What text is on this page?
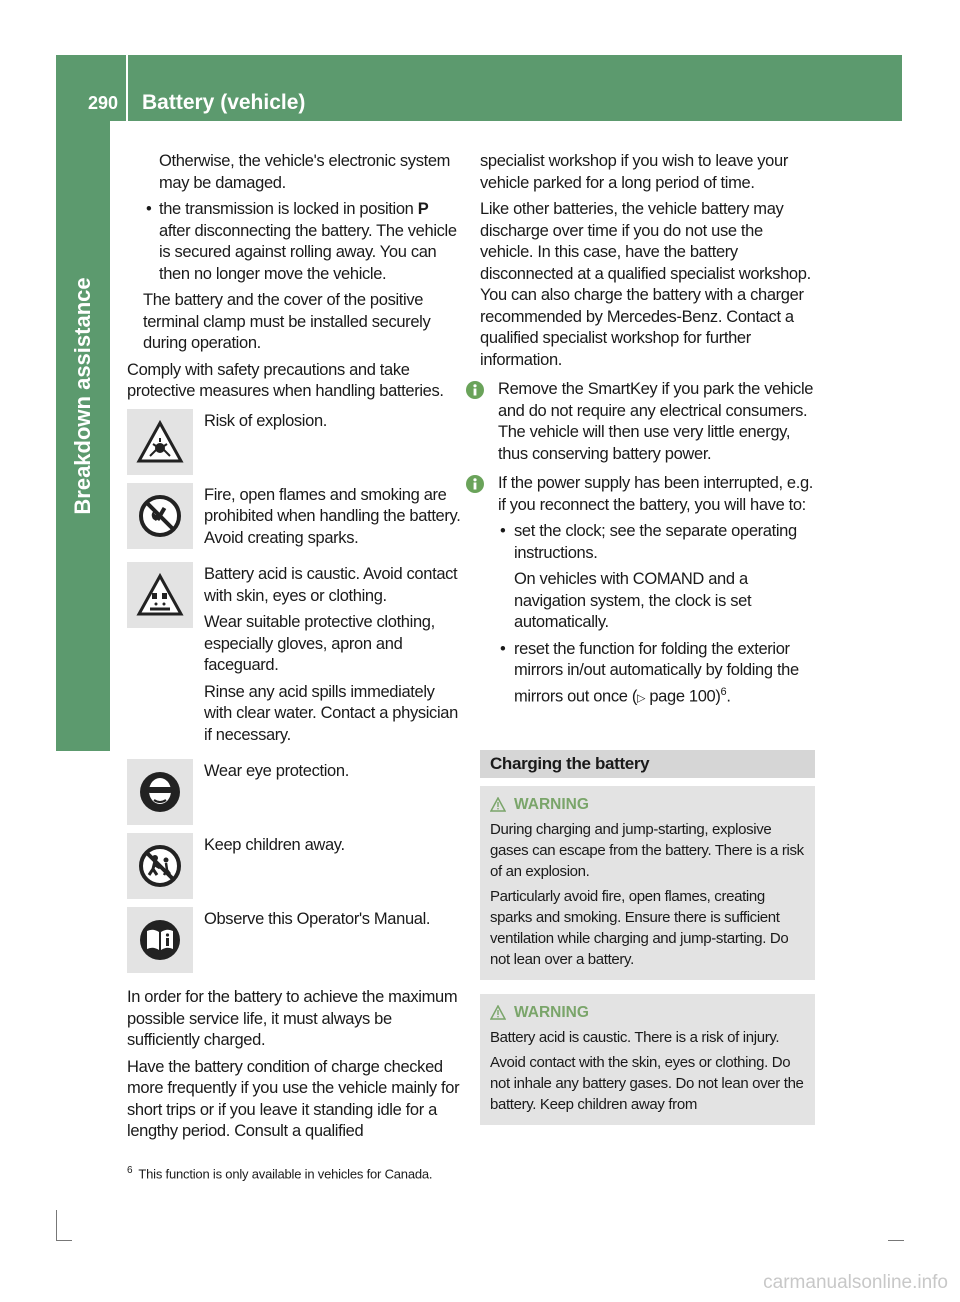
290 Battery (vehicle)
Breakdown assistance

Otherwise, the vehicle's electronic system may be damaged.

• the transmission is locked in position P after disconnecting the battery. The vehicle is secured against rolling away. You can then no longer move the vehicle.

The battery and the cover of the positive terminal clamp must be installed securely during operation.

Comply with safety precautions and take protective measures when handling batteries.

Risk of explosion.

Fire, open flames and smoking are prohibited when handling the battery. Avoid creating sparks.

Battery acid is caustic. Avoid contact with skin, eyes or clothing.

Wear suitable protective clothing, especially gloves, apron and faceguard.

Rinse any acid spills immediately with clear water. Contact a physician if necessary.

Wear eye protection.

Keep children away.

Observe this Operator's Manual.

In order for the battery to achieve the maximum possible service life, it must always be sufficiently charged.

Have the battery condition of charge checked more frequently if you use the vehicle mainly for short trips or if you leave it standing idle for a lengthy period. Consult a qualified

specialist workshop if you wish to leave your vehicle parked for a long period of time.

Like other batteries, the vehicle battery may discharge over time if you do not use the vehicle. In this case, have the battery disconnected at a qualified specialist workshop. You can also charge the battery with a charger recommended by Mercedes-Benz. Contact a qualified specialist workshop for further information.

Remove the SmartKey if you park the vehicle and do not require any electrical consumers. The vehicle will then use very little energy, thus conserving battery power.

If the power supply has been interrupted, e.g. if you reconnect the battery, you will have to:

• set the clock; see the separate operating instructions.

On vehicles with COMAND and a navigation system, the clock is set automatically.

• reset the function for folding the exterior mirrors in/out automatically by folding the mirrors out once (▷ page 100)$^6$.

Charging the battery
WARNING

During charging and jump-starting, explosive gases can escape from the battery. There is a risk of an explosion.

Particularly avoid fire, open flames, creating sparks and smoking. Ensure there is sufficient ventilation while charging and jump-starting. Do not lean over a battery.

WARNING

Battery acid is caustic. There is a risk of injury.

Avoid contact with the skin, eyes or clothing. Do not inhale any battery gases. Do not lean over the battery. Keep children away from

$^6$ This function is only available in vehicles for Canada.
carmanualsonline.info
